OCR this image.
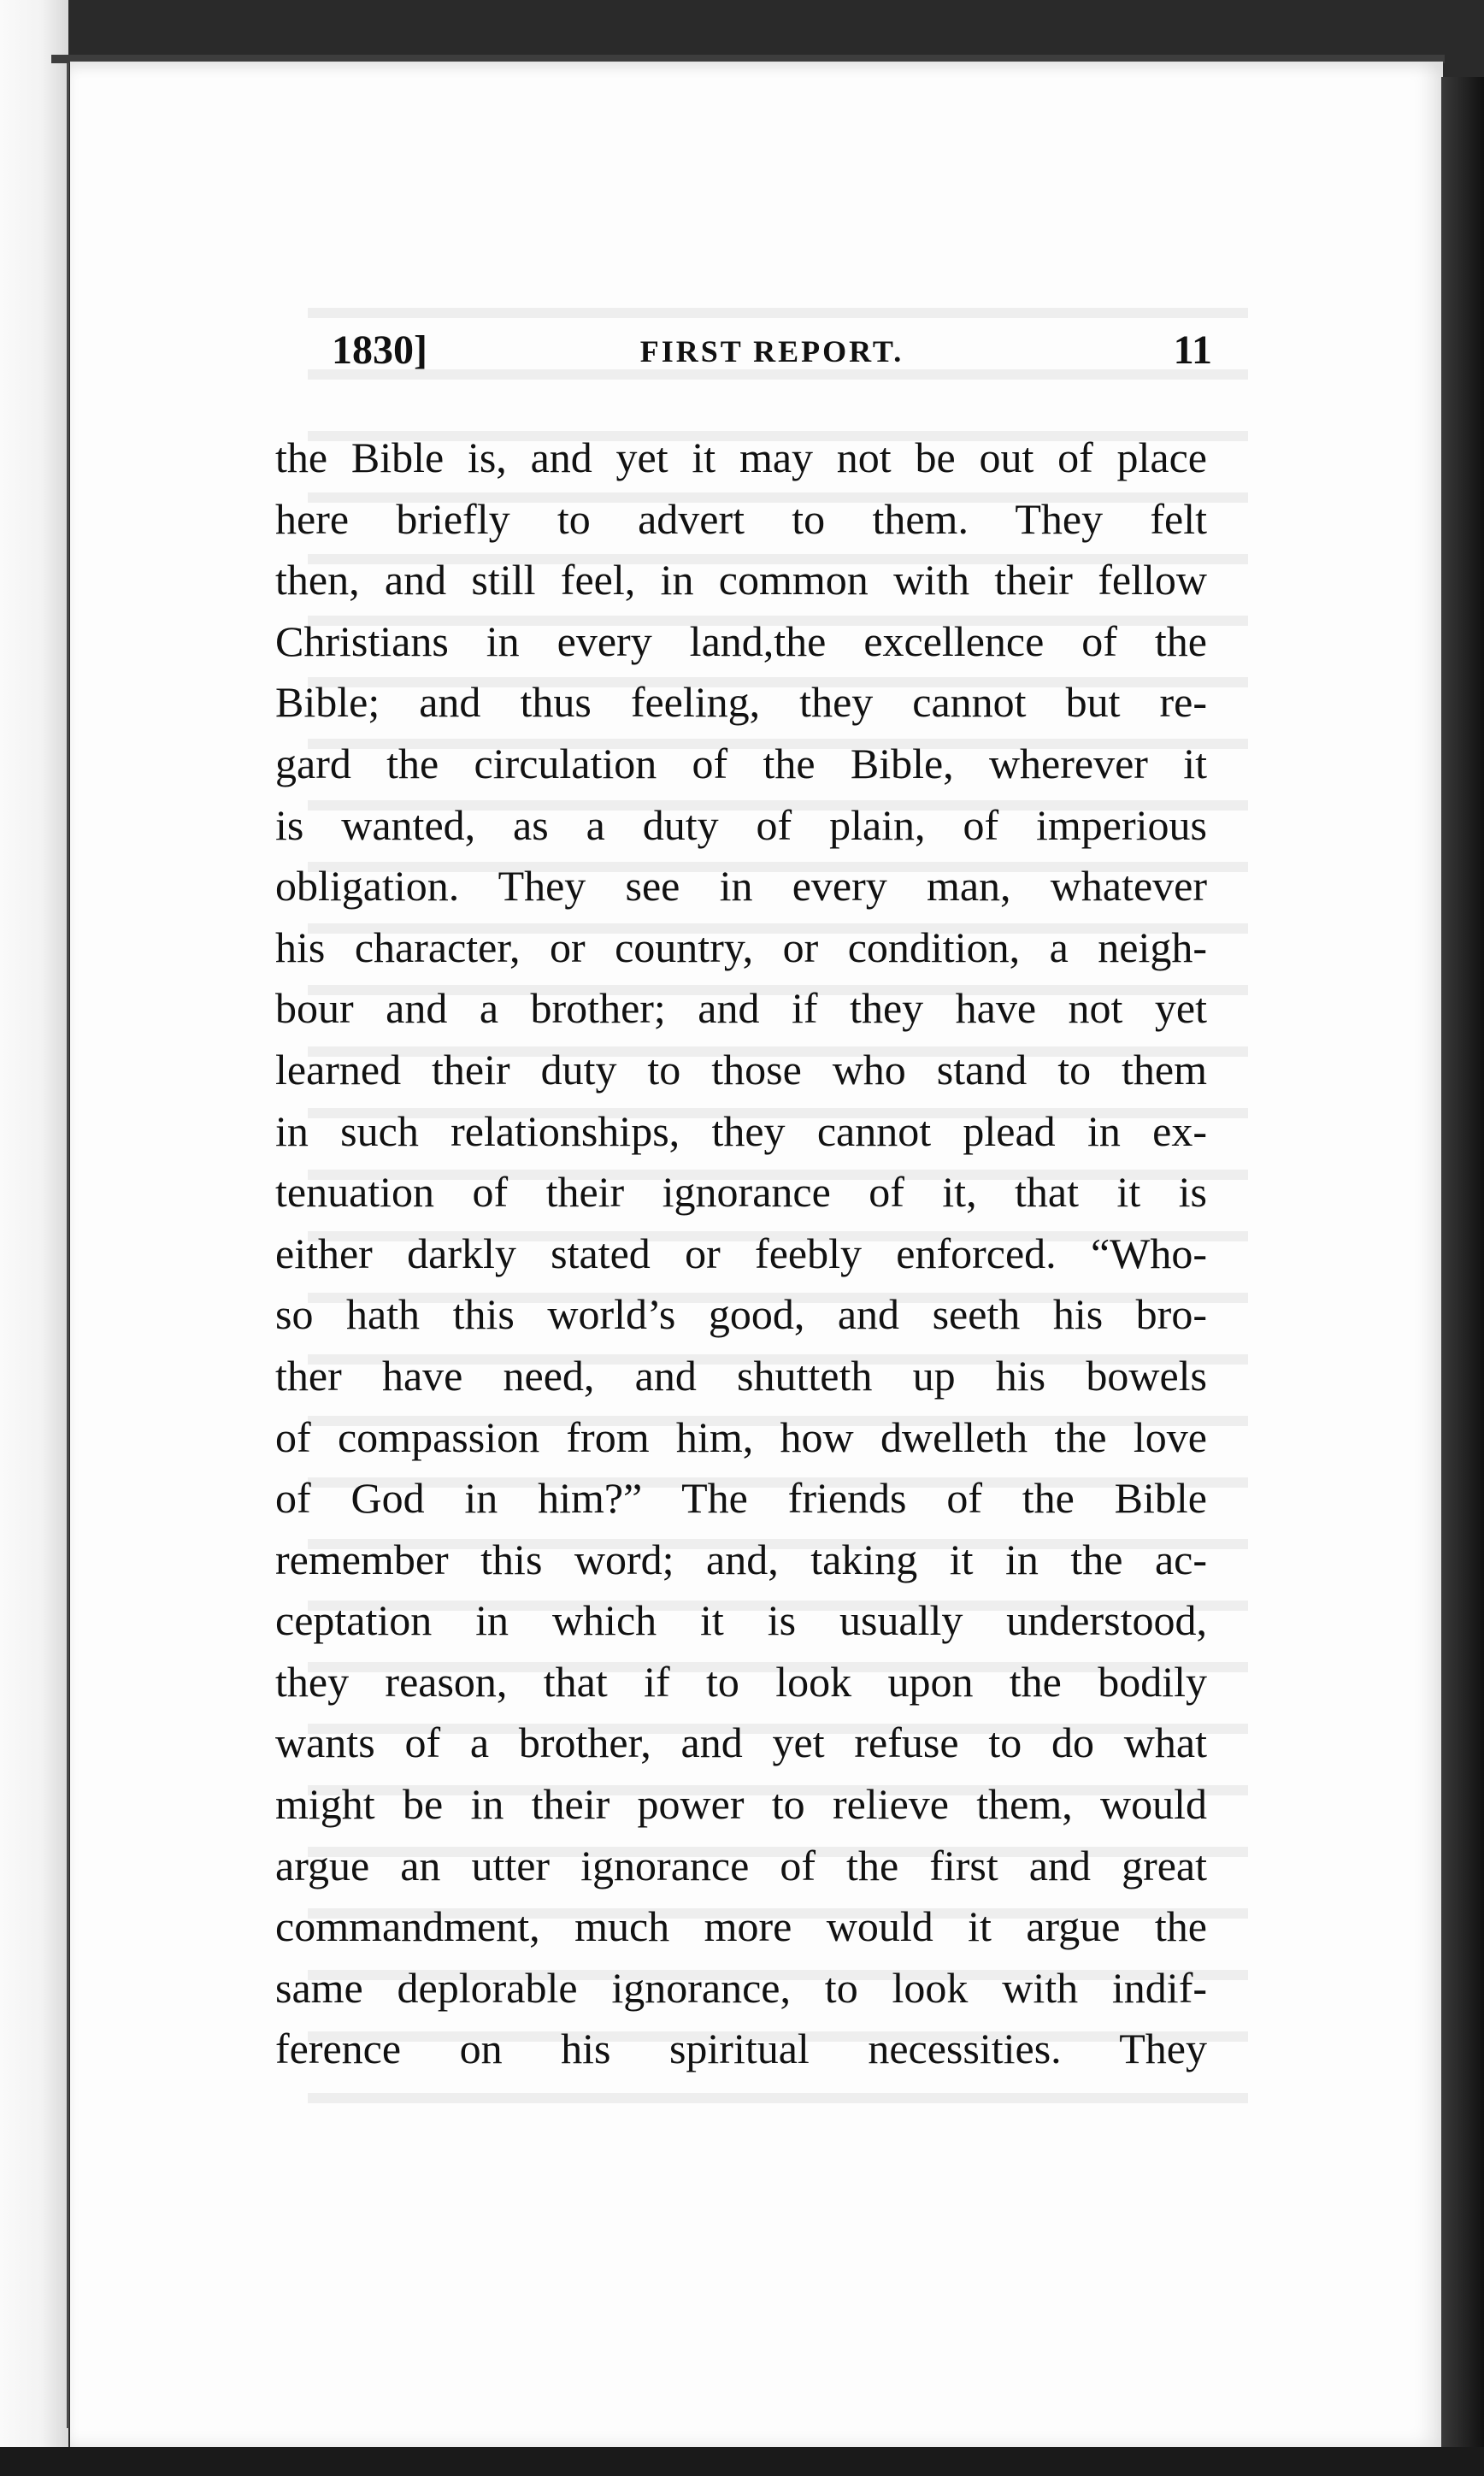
1830]	FIRST REPORT.	11
the Bible is, and yet it may not be out of place
here briefly to advert to them. They felt
then, and still feel, in common with their fellow
Christians in every land,the excellence of the
Bible; and thus feeling, they cannot but re-
gard the circulation of the Bible, wherever it
is wanted, as a duty of plain, of imperious
obligation. They see in every man, whatever
his character, or country, or condition, a neigh-
bour and a brother; and if they have not yet
learned their duty to those who stand to them
in such relationships, they cannot plead in ex-
tenuation of their ignorance of it, that it is
either darkly stated or feebly enforced. “Who-
so hath this world’s good, and seeth his bro-
ther have need, and shutteth up his bowels
of compassion from him, how dwelleth the love
of God in him?” The friends of the Bible
remember this word; and, taking it in the ac-
ceptation in which it is usually understood,
they reason, that if to look upon the bodily
wants of a brother, and yet refuse to do what
might be in their power to relieve them, would
argue an utter ignorance of the first and great
commandment, much more would it argue the
same deplorable ignorance, to look with indif-
ference on his spiritual necessities. They
